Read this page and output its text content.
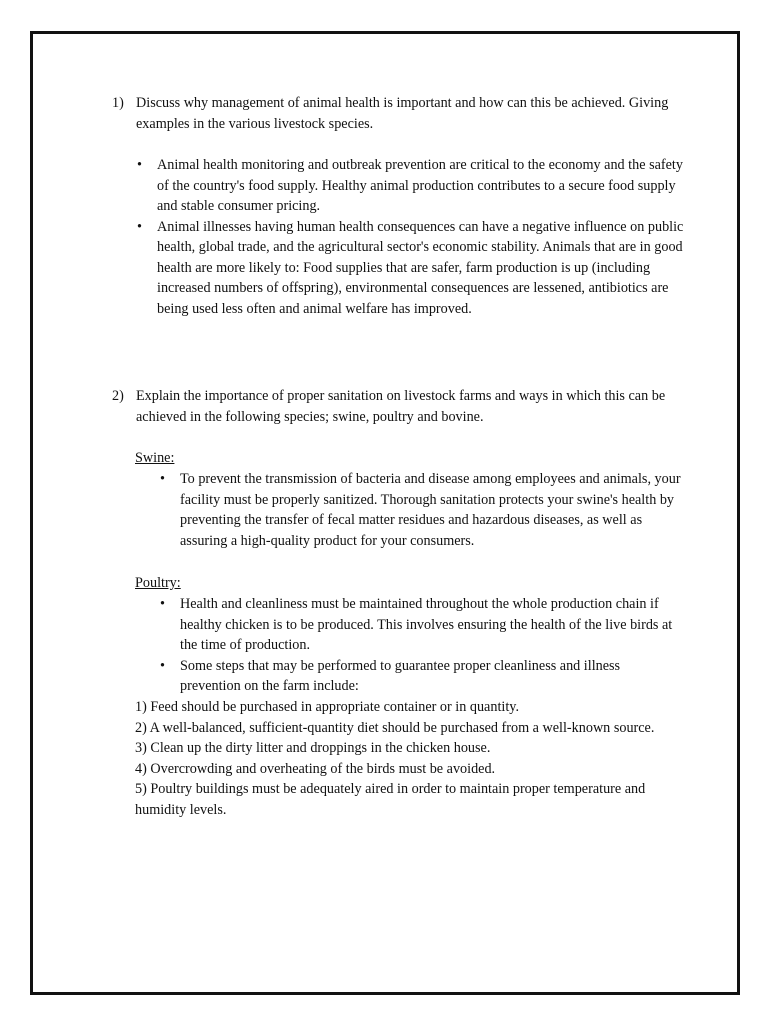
1) Discuss why management of animal health is important and how can this be achieved. Giving examples in the various livestock species.
• Animal health monitoring and outbreak prevention are critical to the economy and the safety of the country's food supply. Healthy animal production contributes to a secure food supply and stable consumer pricing.
• Animal illnesses having human health consequences can have a negative influence on public health, global trade, and the agricultural sector's economic stability. Animals that are in good health are more likely to: Food supplies that are safer, farm production is up (including increased numbers of offspring), environmental consequences are lessened, antibiotics are being used less often and animal welfare has improved.
2) Explain the importance of proper sanitation on livestock farms and ways in which this can be achieved in the following species; swine, poultry and bovine.
Swine:
• To prevent the transmission of bacteria and disease among employees and animals, your facility must be properly sanitized. Thorough sanitation protects your swine's health by preventing the transfer of fecal matter residues and hazardous diseases, as well as assuring a high-quality product for your consumers.
Poultry:
• Health and cleanliness must be maintained throughout the whole production chain if healthy chicken is to be produced. This involves ensuring the health of the live birds at the time of production.
• Some steps that may be performed to guarantee proper cleanliness and illness prevention on the farm include:
1) Feed should be purchased in appropriate container or in quantity.
2) A well-balanced, sufficient-quantity diet should be purchased from a well-known source.
3) Clean up the dirty litter and droppings in the chicken house.
4) Overcrowding and overheating of the birds must be avoided.
5) Poultry buildings must be adequately aired in order to maintain proper temperature and humidity levels.
